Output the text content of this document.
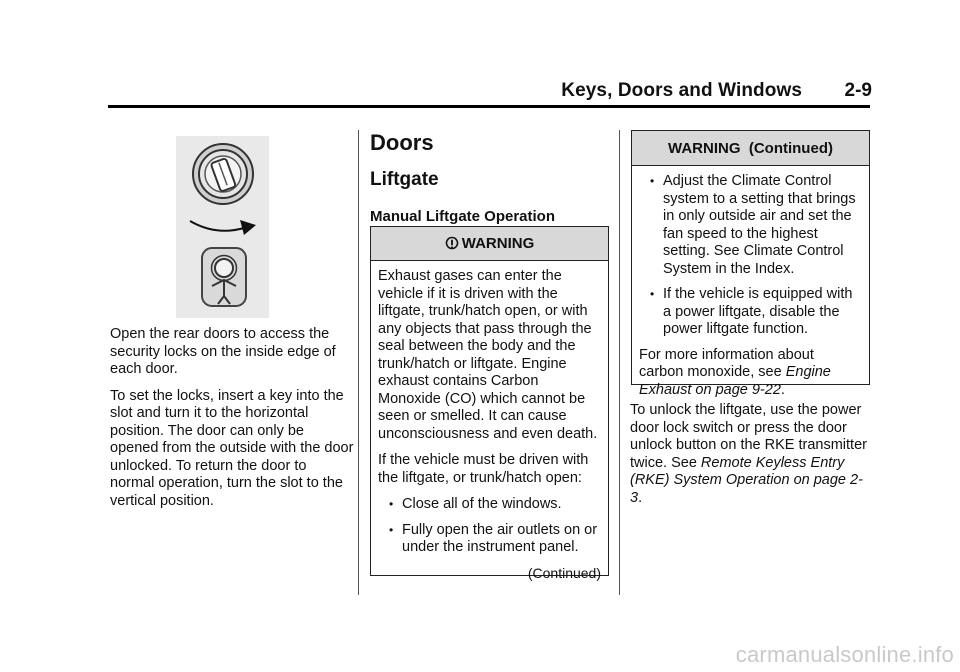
Keys, Doors and Windows 2-9

Open the rear doors to access the security locks on the inside edge of each door.

To set the locks, insert a key into the slot and turn it to the horizontal position. The door can only be opened from the outside with the door unlocked. To return the door to normal operation, turn the slot to the vertical position.

Doors
Liftgate
Manual Liftgate Operation
WARNING

Exhaust gases can enter the vehicle if it is driven with the liftgate, trunk/hatch open, or with any objects that pass through the seal between the body and the trunk/hatch or liftgate. Engine exhaust contains Carbon Monoxide (CO) which cannot be seen or smelled. It can cause unconsciousness and even death.

If the vehicle must be driven with the liftgate, or trunk/hatch open:

• Close all of the windows.
• Fully open the air outlets on or under the instrument panel.
(Continued)
WARNING  (Continued)
• Adjust the Climate Control system to a setting that brings in only outside air and set the fan speed to the highest setting. See Climate Control System in the Index.
• If the vehicle is equipped with a power liftgate, disable the power liftgate function.

For more information about carbon monoxide, see Engine Exhaust on page 9-22.

To unlock the liftgate, use the power door lock switch or press the door unlock button on the RKE transmitter twice. See Remote Keyless Entry (RKE) System Operation on page 2-3.

carmanualsonline.info
